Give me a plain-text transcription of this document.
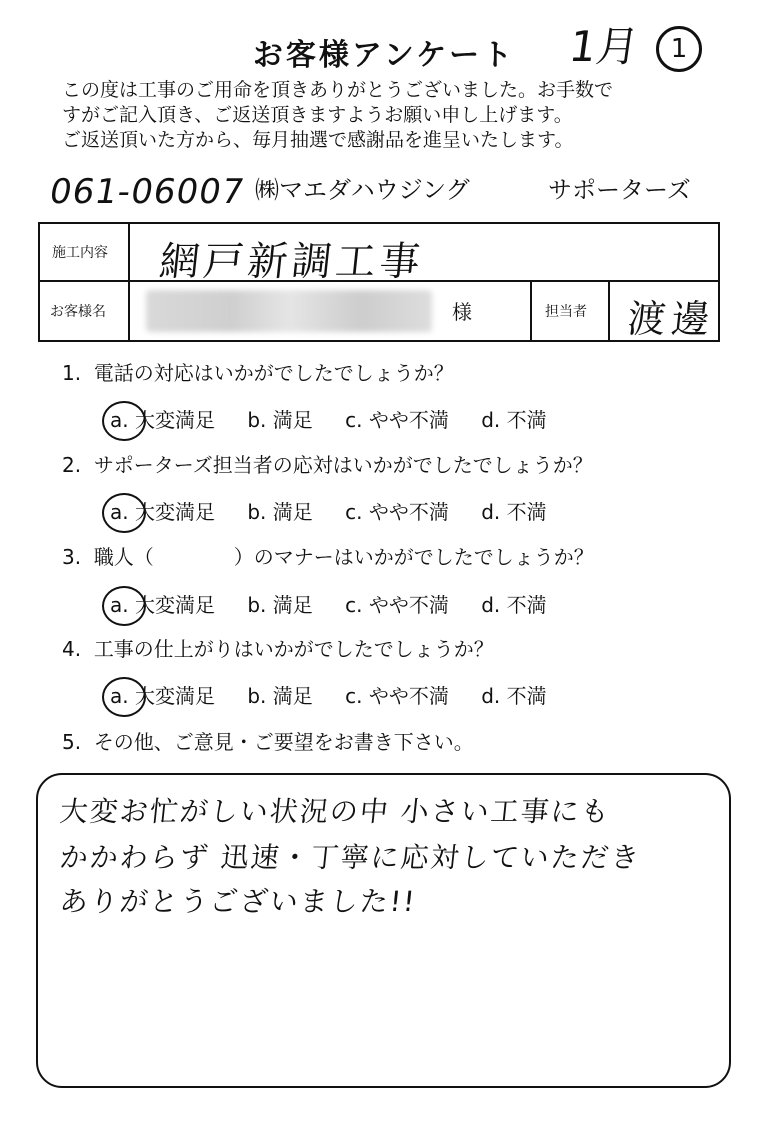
お客様アンケート	1月	1
この度は工事のご用命を頂きありがとうございました。お手数で
すがご記入頂き、ご返送頂きますようお願い申し上げます。
ご返送頂いた方から、毎月抽選で感謝品を進呈いたします。
061-06007 ㈱マエダハウジング	サポーターズ
施工内容 網戸新調工事
お客様名	様	担当者 渡邊
1. 電話の対応はいかがでしたでしょうか？
a. 大変満足 b. 満足 c. やや不満 d. 不満
2. サポーターズ担当者の応対はいかがでしたでしょうか？
a. 大変満足 b. 満足 c. やや不満 d. 不満
3. 職人（　　　　）のマナーはいかがでしたでしょうか？
a. 大変満足 b. 満足 c. やや不満 d. 不満
4. 工事の仕上がりはいかがでしたでしょうか？
a. 大変満足 b. 満足 c. やや不満 d. 不満
5. その他、ご意見・ご要望をお書き下さい。
大変お忙がしい状況の中 小さい工事にも
かかわらず 迅速・丁寧に応対していただき
ありがとうございました!!
